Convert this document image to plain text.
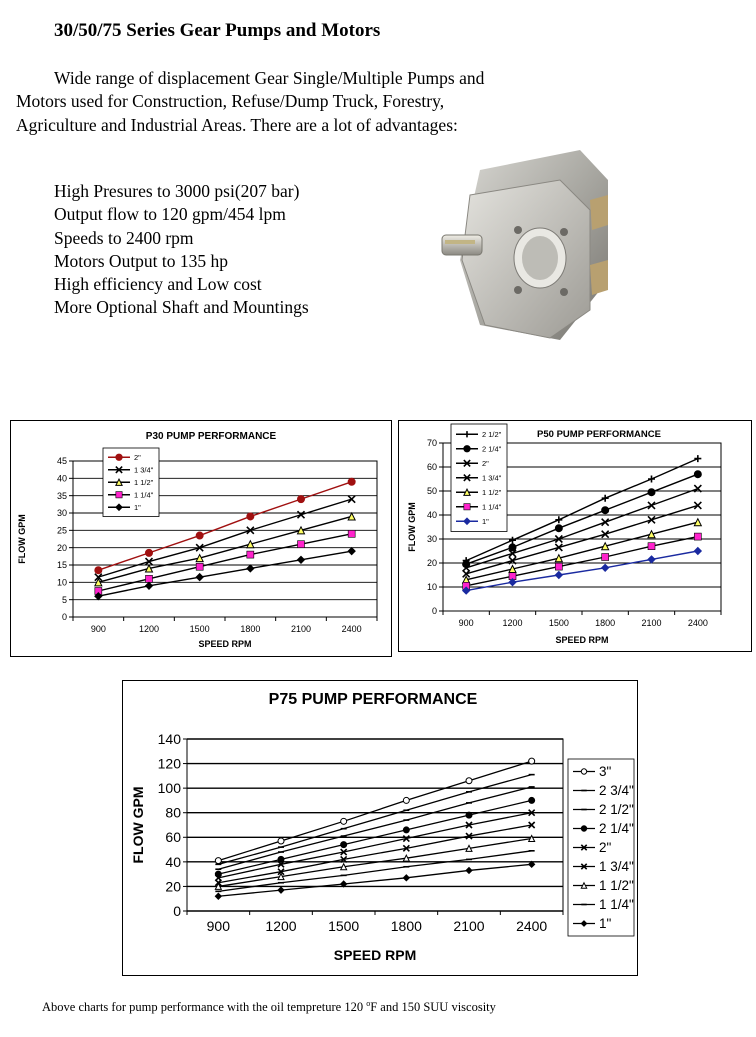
30/50/75 Series Gear Pumps and Motors

Wide range of displacement Gear Single/Multiple Pumps and Motors used for Construction, Refuse/Dump Truck, Forestry, Agriculture and Industrial Areas. There are a lot of advantages:

High Presures to 3000 psi(207 bar)
Output flow to 120 gpm/454 lpm
Speeds to 2400 rpm
Motors Output to 135 hp
High efficiency and Low cost
More Optional Shaft and Mountings
P30 PUMP PERFORMANCE
0
5
10
15
20
25
30
35
40
45
900	1200	1500	1800	2100	2400
SPEED RPM
FLOW GPM
2"
1 3/4"
1 1/2"
1 1/4"
1"
P50 PUMP PERFORMANCE
0
10
20
30
40
50
60
70
900	1200	1500	1800	2100	2400
SPEED RPM
FLOW GPM
2 1/2"
2 1/4"
2"
1 3/4"
1 1/2"
1 1/4"
1"
P75 PUMP PERFORMANCE
0
20
40
60
80
100
120
140
900	1200 1500 1800 2100 2400
SPEED RPM
FLOW GPM
3"
2 3/4"
2 1/2"
2 1/4"
2"
1 3/4"
1 1/2"
1 1/4"
1"

Above charts for pump performance with the oil tempreture 120 $^o$F and 150 SUU viscosity
